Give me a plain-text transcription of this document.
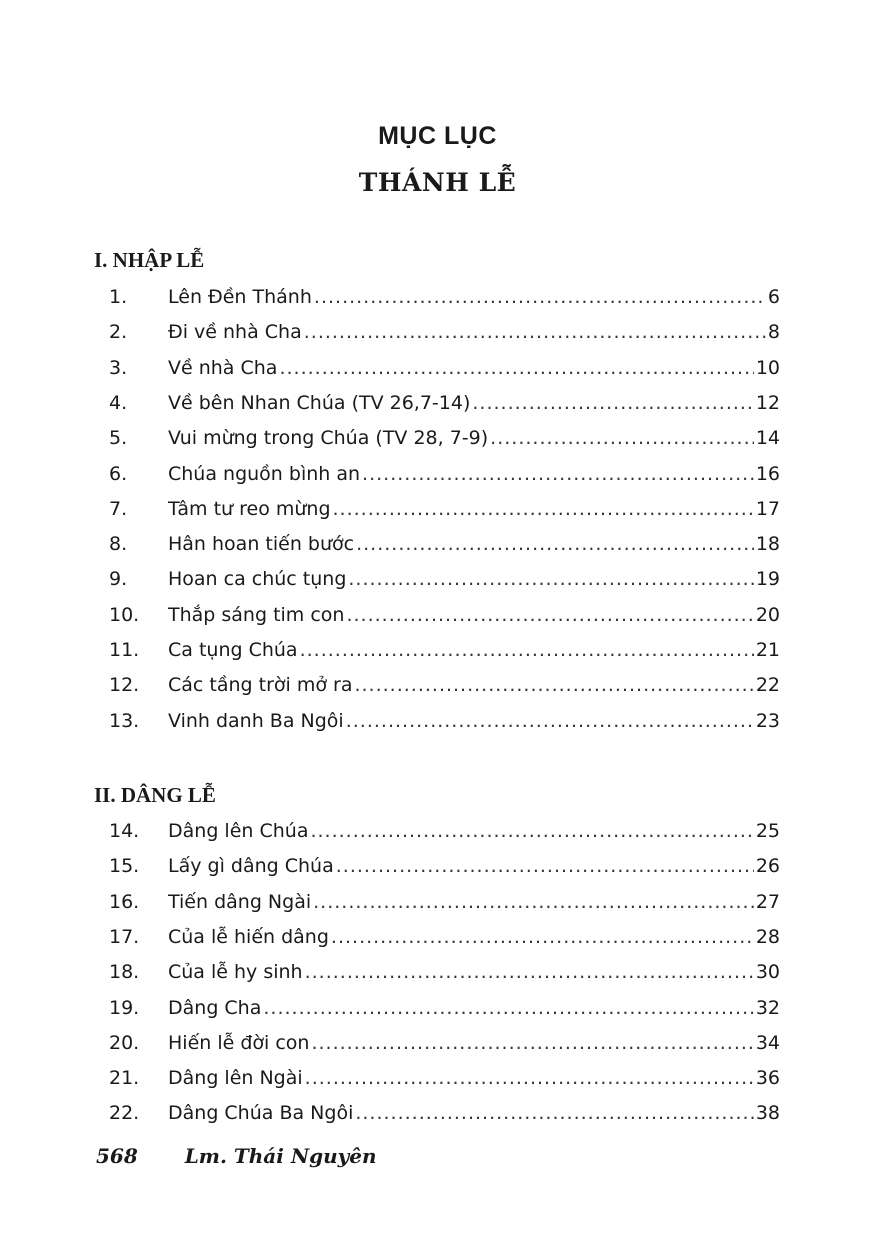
MỤC LỤC
THÁNH LỄ
I. NHẬP LỄ
1. Lên Đền Thánh .....	6
2. Đi về nhà Cha .....	8
3. Về nhà Cha .....	10
4. Về bên Nhan Chúa (TV 26,7-14) .....	12
5. Vui mừng trong Chúa (TV 28, 7-9) .....	14
6. Chúa nguồn bình an .....	16
7. Tâm tư reo mừng .....	17
8. Hân hoan tiến bước .....	18
9. Hoan ca chúc tụng .....	19
10. Thắp sáng tim con .....	20
11. Ca tụng Chúa .....	21
12. Các tầng trời mở ra .....	22
13. Vinh danh Ba Ngôi .....	23
II. DÂNG LỄ
14. Dâng lên Chúa .....	25
15. Lấy gì dâng Chúa .....	26
16. Tiến dâng Ngài .....	27
17. Của lễ hiến dâng .....	28
18. Của lễ hy sinh .....	30
19. Dâng Cha .....	32
20. Hiến lễ đời con .....	34
21. Dâng lên Ngài .....	36
22. Dâng Chúa Ba Ngôi .....	38
568 Lm. Thái Nguyên
